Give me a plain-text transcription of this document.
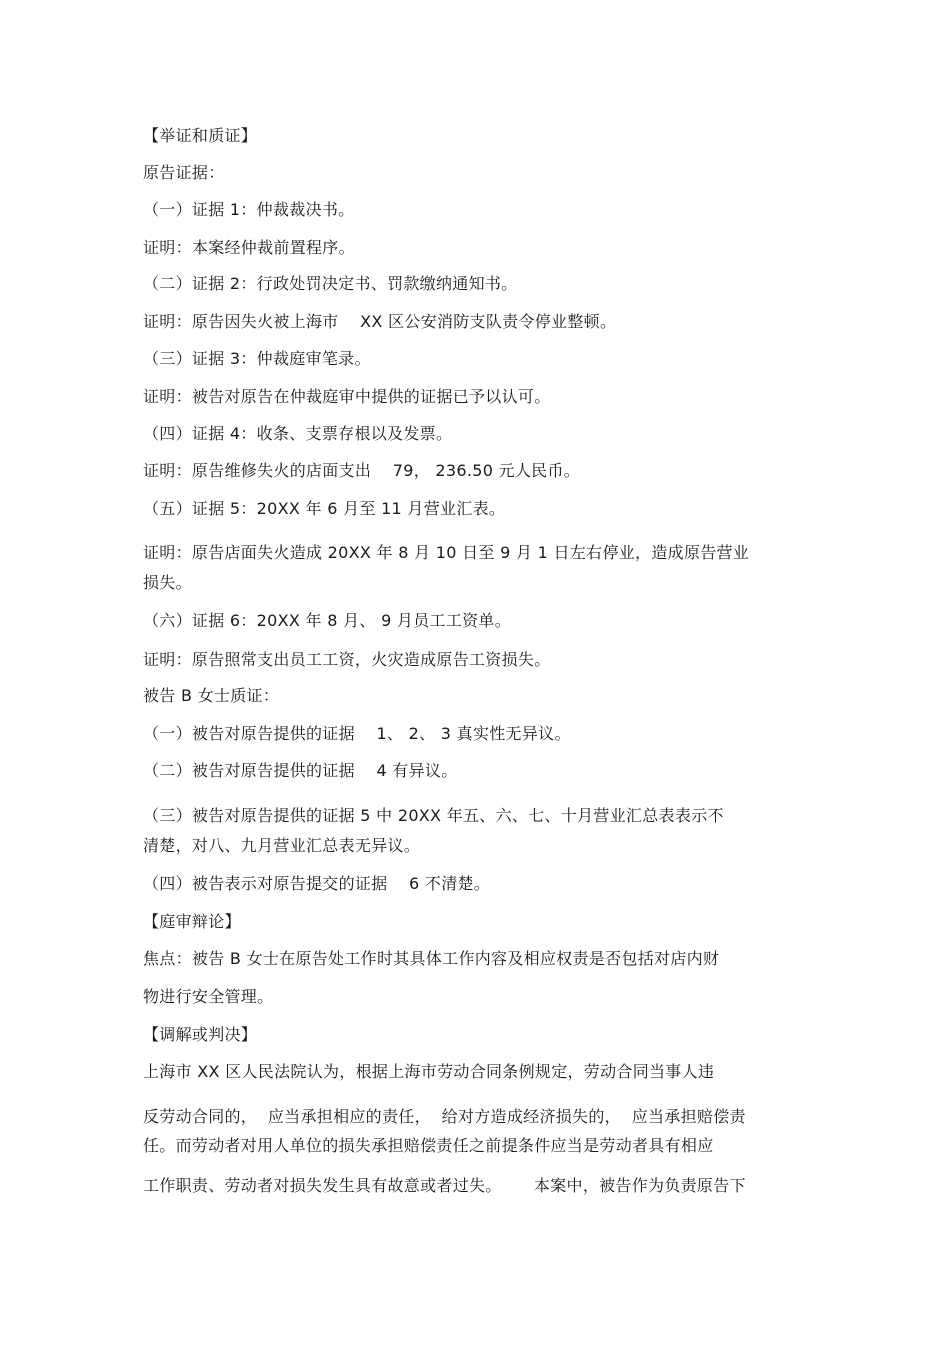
【举证和质证】
原告证据：
（一）证据 1：仲裁裁决书。
证明：本案经仲裁前置程序。
（二）证据 2：行政处罚决定书、罚款缴纳通知书。
证明：原告因失火被上海市    XX 区公安消防支队责令停业整顿。
（三）证据 3：仲裁庭审笔录。
证明：被告对原告在仲裁庭审中提供的证据已予以认可。
（四）证据 4：收条、支票存根以及发票。
证明：原告维修失火的店面支出    79， 236.50 元人民币。
（五）证据 5：20XX 年 6 月至 11 月营业汇表。
证明：原告店面失火造成 20XX 年 8 月 10 日至 9 月 1 日左右停业，造成原告营业
损失。
（六）证据 6：20XX 年 8 月、 9 月员工工资单。
证明：原告照常支出员工工资，火灾造成原告工资损失。
被告 B 女士质证：
（一）被告对原告提供的证据    1、 2、 3 真实性无异议。
（二）被告对原告提供的证据    4 有异议。
（三）被告对原告提供的证据 5 中 20XX 年五、六、七、十月营业汇总表表示不
清楚，对八、九月营业汇总表无异议。
（四）被告表示对原告提交的证据    6 不清楚。
【庭审辩论】
焦点：被告 B 女士在原告处工作时其具体工作内容及相应权责是否包括对店内财
物进行安全管理。
【调解或判决】
上海市 XX 区人民法院认为，根据上海市劳动合同条例规定，劳动合同当事人违
反劳动合同的，  应当承担相应的责任，  给对方造成经济损失的，  应当承担赔偿责
任。而劳动者对用人单位的损失承担赔偿责任之前提条件应当是劳动者具有相应
工作职责、劳动者对损失发生具有故意或者过失。      本案中，被告作为负责原告下
